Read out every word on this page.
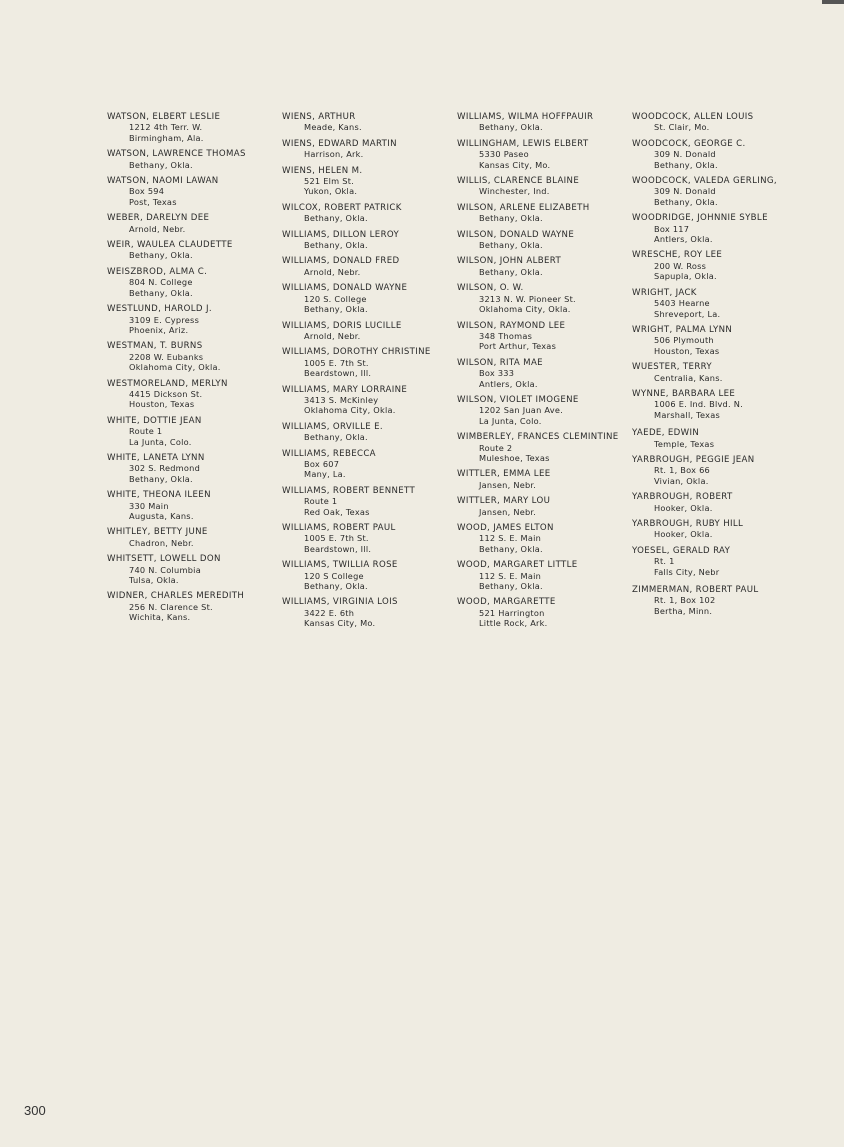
WATSON, ELBERT LESLIE
1212 4th Terr. W.
Birmingham, Ala.
WATSON, LAWRENCE THOMAS
Bethany, Okla.
WATSON, NAOMI LAWAN
Box 594
Post, Texas
WEBER, DARELYN DEE
Arnold, Nebr.
WEIR, WAULEA CLAUDETTE
Bethany, Okla.
WEISZBROD, ALMA C.
804 N. College
Bethany, Okla.
WESTLUND, HAROLD J.
3109 E. Cypress
Phoenix, Ariz.
WESTMAN, T. BURNS
2208 W. Eubanks
Oklahoma City, Okla.
WESTMORELAND, MERLYN
4415 Dickson St.
Houston, Texas
WHITE, DOTTIE JEAN
Route 1
La Junta, Colo.
WHITE, LANETA LYNN
302 S. Redmond
Bethany, Okla.
WHITE, THEONA ILEEN
330 Main
Augusta, Kans.
WHITLEY, BETTY JUNE
Chadron, Nebr.
WHITSETT, LOWELL DON
740 N. Columbia
Tulsa, Okla.
WIDNER, CHARLES MEREDITH
256 N. Clarence St.
Wichita, Kans.
WIENS, ARTHUR
Meade, Kans.
WIENS, EDWARD MARTIN
Harrison, Ark.
WIENS, HELEN M.
521 Elm St.
Yukon, Okla.
WILCOX, ROBERT PATRICK
Bethany, Okla.
WILLIAMS, DILLON LEROY
Bethany, Okla.
WILLIAMS, DONALD FRED
Arnold, Nebr.
WILLIAMS, DONALD WAYNE
120 S. College
Bethany, Okla.
WILLIAMS, DORIS LUCILLE
Arnold, Nebr.
WILLIAMS, DOROTHY CHRISTINE
1005 E. 7th St.
Beardstown, Ill.
WILLIAMS, MARY LORRAINE
3413 S. McKinley
Oklahoma City, Okla.
WILLIAMS, ORVILLE E.
Bethany, Okla.
WILLIAMS, REBECCA
Box 607
Many, La.
WILLIAMS, ROBERT BENNETT
Route 1
Red Oak, Texas
WILLIAMS, ROBERT PAUL
1005 E. 7th St.
Beardstown, Ill.
WILLIAMS, TWILLIA ROSE
120 S College
Bethany, Okla.
WILLIAMS, VIRGINIA LOIS
3422 E. 6th
Kansas City, Mo.
WILLIAMS, WILMA HOFFPAUIR
Bethany, Okla.
WILLINGHAM, LEWIS ELBERT
5330 Paseo
Kansas City, Mo.
WILLIS, CLARENCE BLAINE
Winchester, Ind.
WILSON, ARLENE ELIZABETH
Bethany, Okla.
WILSON, DONALD WAYNE
Bethany, Okla.
WILSON, JOHN ALBERT
Bethany, Okla.
WILSON, O. W.
3213 N. W. Pioneer St.
Oklahoma City, Okla.
WILSON, RAYMOND LEE
348 Thomas
Port Arthur, Texas
WILSON, RITA MAE
Box 333
Antlers, Okla.
WILSON, VIOLET IMOGENE
1202 San Juan Ave.
La Junta, Colo.
WIMBERLEY, FRANCES CLEMINTINE
Route 2
Muleshoe, Texas
WITTLER, EMMA LEE
Jansen, Nebr.
WITTLER, MARY LOU
Jansen, Nebr.
WOOD, JAMES ELTON
112 S. E. Main
Bethany, Okla.
WOOD, MARGARET LITTLE
112 S. E. Main
Bethany, Okla.
WOOD, MARGARETTE
521 Harrington
Little Rock, Ark.
WOODCOCK, ALLEN LOUIS
St. Clair, Mo.
WOODCOCK, GEORGE C.
309 N. Donald
Bethany, Okla.
WOODCOCK, VALEDA GERLING,
309 N. Donald
Bethany, Okla.
WOODRIDGE, JOHNNIE SYBLE
Box 117
Antlers, Okla.
WRESCHE, ROY LEE
200 W. Ross
Sapupla, Okla.
WRIGHT, JACK
5403 Hearne
Shreveport, La.
WRIGHT, PALMA LYNN
506 Plymouth
Houston, Texas
WUESTER, TERRY
Centralia, Kans.
WYNNE, BARBARA LEE
1006 E. Ind. Blvd. N.
Marshall, Texas
YAEDE, EDWIN
Temple, Texas
YARBROUGH, PEGGIE JEAN
Rt. 1, Box 66
Vivian, Okla.
YARBROUGH, ROBERT
Hooker, Okla.
YARBROUGH, RUBY HILL
Hooker, Okla.
YOESEL, GERALD RAY
Rt. 1
Falls City, Nebr
ZIMMERMAN, ROBERT PAUL
Rt. 1, Box 102
Bertha, Minn.
300
